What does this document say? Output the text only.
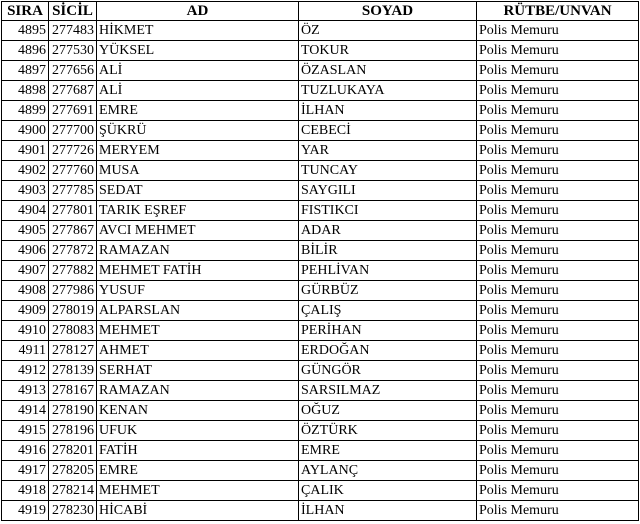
SIRA	SİCİL	AD	SOYAD	RÜTBE/UNVAN
4895	277483	HİKMET	ÖZ	Polis Memuru
4896	277530	YÜKSEL	TOKUR	Polis Memuru
4897	277656	ALİ	ÖZASLAN	Polis Memuru
4898	277687	ALİ	TUZLUKAYA	Polis Memuru
4899	277691	EMRE	İLHAN	Polis Memuru
4900	277700	ŞÜKRÜ	CEBECİ	Polis Memuru
4901	277726	MERYEM	YAR	Polis Memuru
4902	277760	MUSA	TUNCAY	Polis Memuru
4903	277785	SEDAT	SAYGILI	Polis Memuru
4904	277801	TARIK EŞREF	FISTIKCI	Polis Memuru
4905	277867	AVCI MEHMET	ADAR	Polis Memuru
4906	277872	RAMAZAN	BİLİR	Polis Memuru
4907	277882	MEHMET FATİH	PEHLİVAN	Polis Memuru
4908	277986	YUSUF	GÜRBÜZ	Polis Memuru
4909	278019	ALPARSLAN	ÇALIŞ	Polis Memuru
4910	278083	MEHMET	PERİHAN	Polis Memuru
4911	278127	AHMET	ERDOĞAN	Polis Memuru
4912	278139	SERHAT	GÜNGÖR	Polis Memuru
4913	278167	RAMAZAN	SARSILMAZ	Polis Memuru
4914	278190	KENAN	OĞUZ	Polis Memuru
4915	278196	UFUK	ÖZTÜRK	Polis Memuru
4916	278201	FATİH	EMRE	Polis Memuru
4917	278205	EMRE	AYLANÇ	Polis Memuru
4918	278214	MEHMET	ÇALIK	Polis Memuru
4919	278230	HİCABİ	İLHAN	Polis Memuru
